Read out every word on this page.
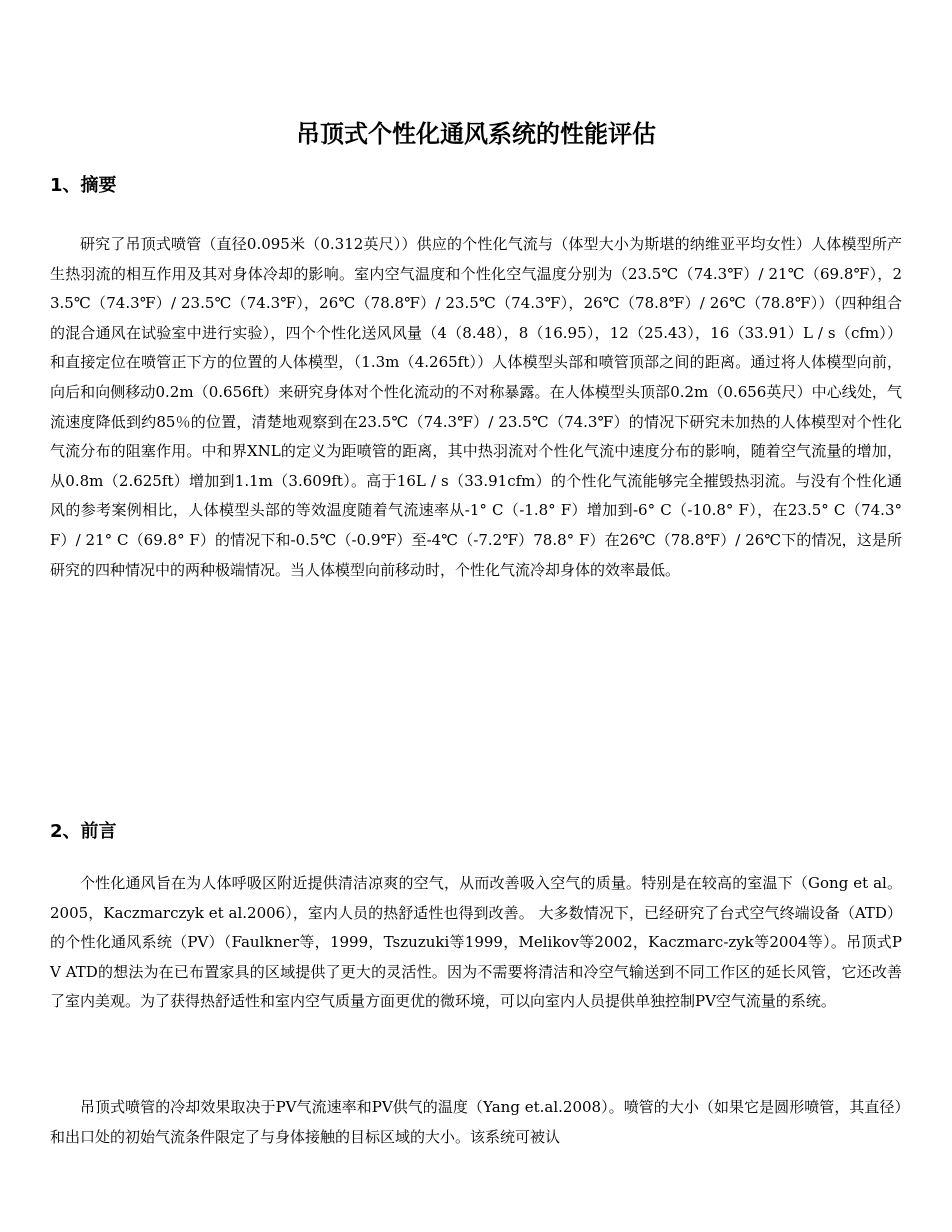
吊顶式个性化通风系统的性能评估
1、摘要

研究了吊顶式喷管（直径0.095米（0.312英尺））供应的个性化气流与（体型大小为斯堪的纳维亚平均女性）人体模型所产生热羽流的相互作用及其对身体冷却的影响。室内空气温度和个性化空气温度分别为（23.5℃（74.3℉）/ 21℃（69.8℉），23.5℃（74.3℉）/ 23.5℃（74.3℉），26℃（78.8℉）/ 23.5℃（74.3℉），26℃（78.8℉）/ 26℃（78.8℉））（四种组合的混合通风在试验室中进行实验），四个个性化送风风量（4（8.48），8（16.95），12（25.43），16（33.91）L / s（cfm））和直接定位在喷管正下方的位置的人体模型，（1.3m（4.265ft））人体模型头部和喷管顶部之间的距离。通过将人体模型向前，向后和向侧移动0.2m（0.656ft）来研究身体对个性化流动的不对称暴露。在人体模型头顶部0.2m（0.656英尺）中心线处，气流速度降低到约85％的位置，清楚地观察到在23.5℃（74.3℉）/ 23.5℃（74.3℉）的情况下研究未加热的人体模型对个性化气流分布的阻塞作用。中和界XNL的定义为距喷管的距离，其中热羽流对个性化气流中速度分布的影响，随着空气流量的增加，从0.8m（2.625ft）增加到1.1m（3.609ft）。高于16L / s（33.91cfm）的个性化气流能够完全摧毁热羽流。与没有个性化通风的参考案例相比，人体模型头部的等效温度随着气流速率从-1° C（-1.8° F）增加到-6° C（-10.8° F），在23.5° C（74.3° F）/ 21° C（69.8° F）的情况下和-0.5℃（-0.9℉）至-4℃（-7.2℉）78.8° F）在26℃（78.8℉）/ 26℃下的情况，这是所研究的四种情况中的两种极端情况。当人体模型向前移动时，个性化气流冷却身体的效率最低。

2、前言

个性化通风旨在为人体呼吸区附近提供清洁凉爽的空气，从而改善吸入空气的质量。特别是在较高的室温下（Gong et al。2005，Kaczmarczyk et al.2006），室内人员的热舒适性也得到改善。 大多数情况下，已经研究了台式空气终端设备（ATD）的个性化通风系统（PV）（Faulkner等，1999，Tszuzuki等1999，Melikov等2002，Kaczmarc-zyk等2004等）。吊顶式PV ATD的想法为在已布置家具的区域提供了更大的灵活性。因为不需要将清洁和冷空气输送到不同工作区的延长风管，它还改善了室内美观。为了获得热舒适性和室内空气质量方面更优的微环境，可以向室内人员提供单独控制PV空气流量的系统。

吊顶式喷管的冷却效果取决于PV气流速率和PV供气的温度（Yang et.al.2008）。喷管的大小（如果它是圆形喷管，其直径）和出口处的初始气流条件限定了与身体接触的目标区域的大小。该系统可被认
